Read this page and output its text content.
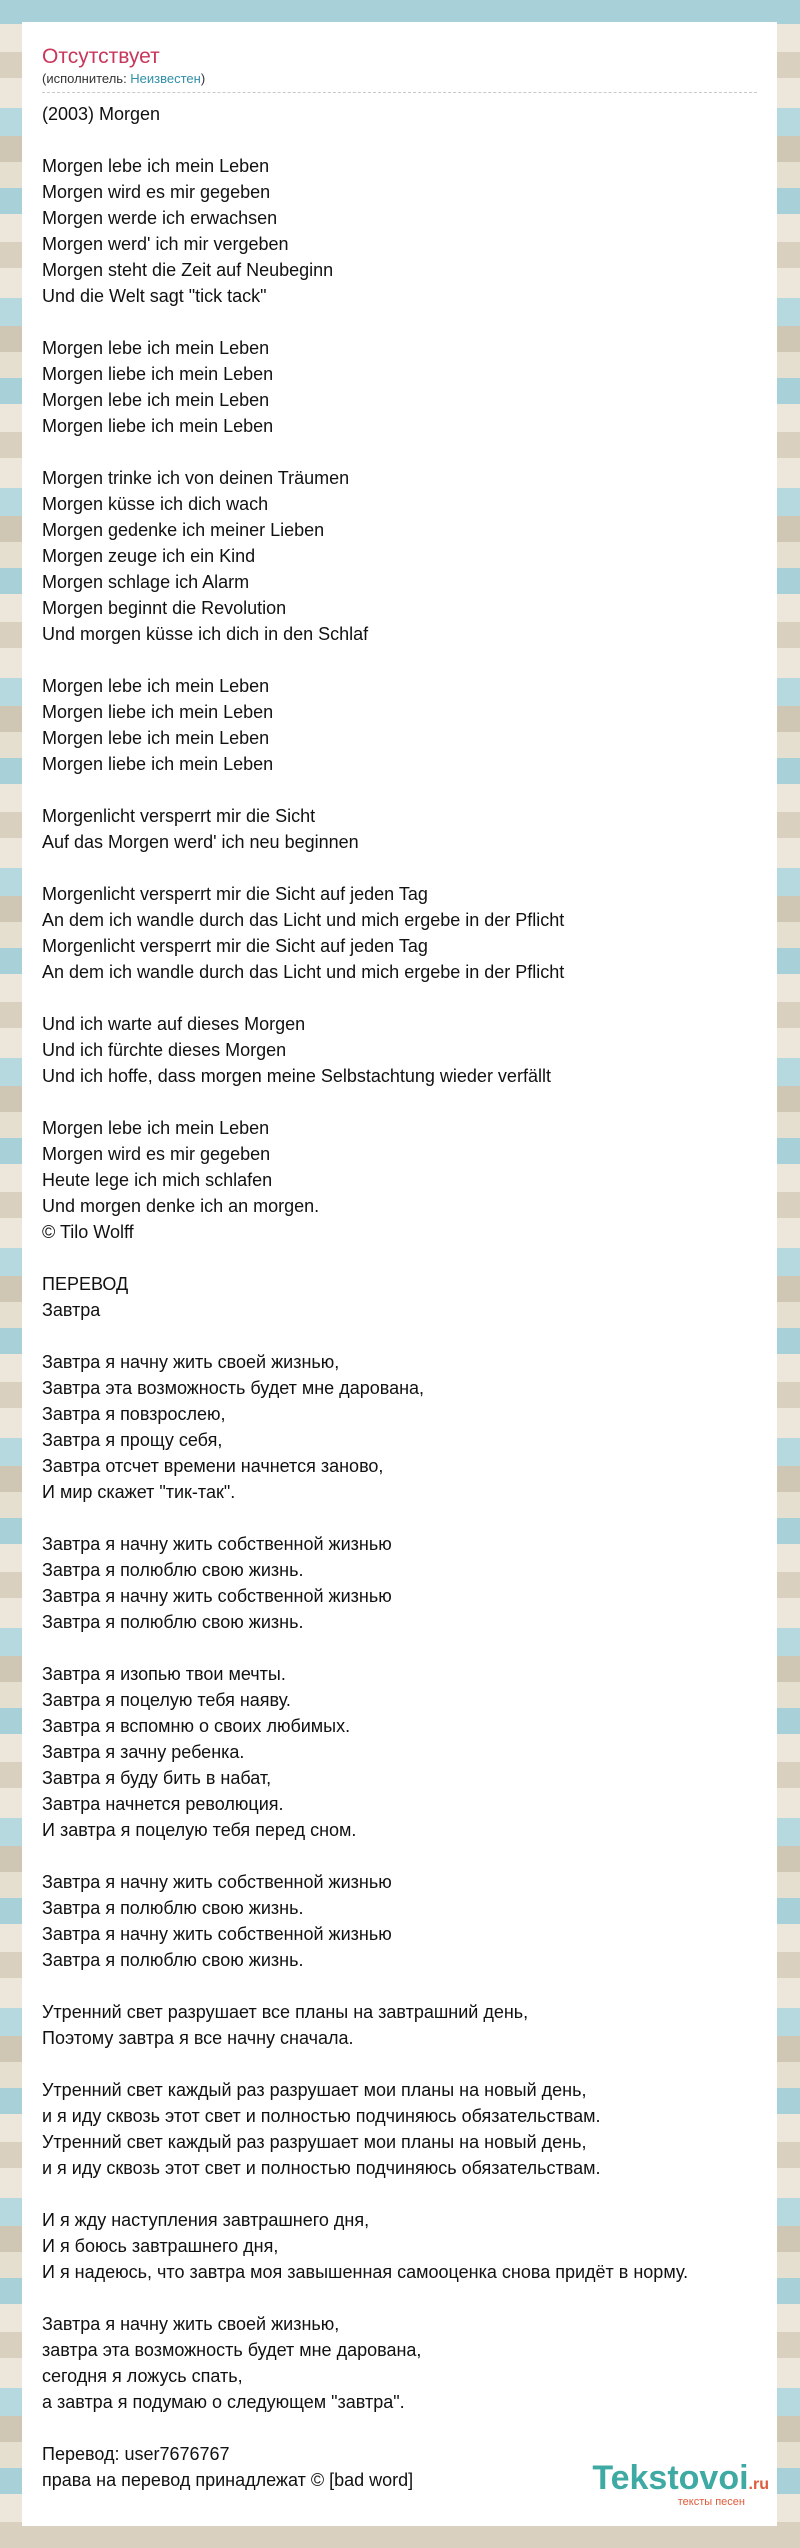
Отсутствует
(исполнитель: Неизвестен)
(2003) Morgen

Morgen lebe ich mein Leben
Morgen wird es mir gegeben
Morgen werde ich erwachsen
Morgen werd' ich mir vergeben
Morgen steht die Zeit auf Neubeginn
Und die Welt sagt "tick tack"

Morgen lebe ich mein Leben
Morgen liebe ich mein Leben
Morgen lebe ich mein Leben
Morgen liebe ich mein Leben

Morgen trinke ich von deinen Träumen
Morgen küsse ich dich wach
Morgen gedenke ich meiner Lieben
Morgen zeuge ich ein Kind
Morgen schlage ich Alarm
Morgen beginnt die Revolution
Und morgen küsse ich dich in den Schlaf

Morgen lebe ich mein Leben
Morgen liebe ich mein Leben
Morgen lebe ich mein Leben
Morgen liebe ich mein Leben

Morgenlicht versperrt mir die Sicht
Auf das Morgen werd' ich neu beginnen

Morgenlicht versperrt mir die Sicht auf jeden Tag
An dem ich wandle durch das Licht und mich ergebe in der Pflicht
Morgenlicht versperrt mir die Sicht auf jeden Tag
An dem ich wandle durch das Licht und mich ergebe in der Pflicht

Und ich warte auf dieses Morgen
Und ich fürchte dieses Morgen
Und ich hoffe, dass morgen meine Selbstachtung wieder verfällt

Morgen lebe ich mein Leben
Morgen wird es mir gegeben
Heute lege ich mich schlafen
Und morgen denke ich an morgen.
© Tilo Wolff

ПЕРЕВОД
Завтра

Завтра я начну жить своей жизнью,
Завтра эта возможность будет мне дарована,
Завтра я повзрослею,
Завтра я прощу себя,
Завтра отсчет времени начнется заново,
И мир скажет "тик-так".

Завтра я начну жить собственной жизнью
Завтра я полюблю свою жизнь.
Завтра я начну жить собственной жизнью
Завтра я полюблю свою жизнь.

Завтра я изопью твои мечты.
Завтра я поцелую тебя наяву.
Завтра я вспомню о своих любимых.
Завтра я зачну ребенка.
Завтра я буду бить в набат,
Завтра начнется революция.
И завтра я поцелую тебя перед сном.

Завтра я начну жить собственной жизнью
Завтра я полюблю свою жизнь.
Завтра я начну жить собственной жизнью
Завтра я полюблю свою жизнь.

Утренний свет разрушает все планы на завтрашний день,
Поэтому завтра я все начну сначала.

Утренний свет каждый раз разрушает мои планы на новый день,
и я иду сквозь этот свет и полностью подчиняюсь обязательствам.
Утренний свет каждый раз разрушает мои планы на новый день,
и я иду сквозь этот свет и полностью подчиняюсь обязательствам.

И я жду наступления завтрашнего дня,
И я боюсь завтрашнего дня,
И я надеюсь, что завтра моя завышенная самооценка снова придёт в норму.

Завтра я начну жить своей жизнью,
завтра эта возможность будет мне дарована,
сегодня я ложусь спать,
а завтра я подумаю о следующем "завтра".

Перевод: user7676767
права на перевод принадлежат © [bad word]	Tekstovoi.ru
тексты песен
